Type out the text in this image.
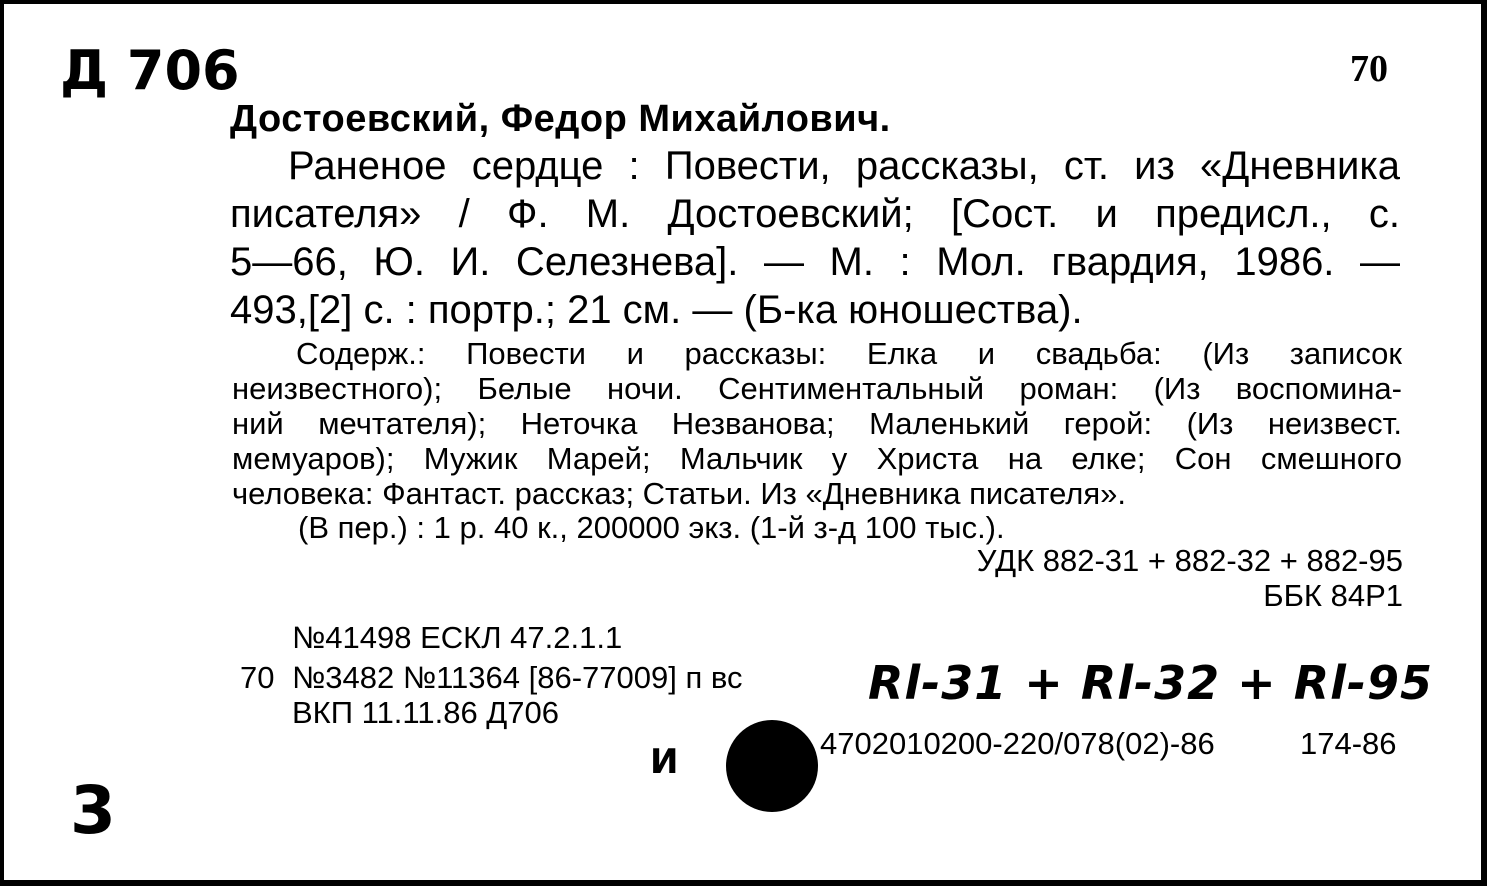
Д 706	70
Достоевский, Федор Михайлович.
Раненое сердце : Повести, рассказы, ст. из «Дневника
писателя» / Ф. М. Достоевский; [Сост. и предисл., с.
5—66, Ю. И. Селезнева]. — М. : Мол. гвардия, 1986. —
493,[2] с. : портр.; 21 см. — (Б-ка юношества).
Содерж.: Повести и рассказы: Елка и свадьба: (Из записок
неизвестного); Белые ночи. Сентиментальный роман: (Из воспомина-
ний мечтателя); Неточка Незванова; Маленький герой: (Из неизвест.
мемуаров); Мужик Марей; Мальчик у Христа на елке; Сон смешного
человека: Фантаст. рассказ; Статьи. Из «Дневника писателя».
(В пер.) : 1 р. 40 к., 200000 экз. (1-й з-д 100 тыс.).
УДК 882-31 + 882-32 + 882-95
ББК 84Р1
№41498 ЕСКЛ 47.2.1.1
70 №3482 №11364 [86-77009] п вс
ВКП 11.11.86 Д706
Rl-31 + Rl-32 + Rl-95
И	4702010200-220/078(02)-86	174-86
3
